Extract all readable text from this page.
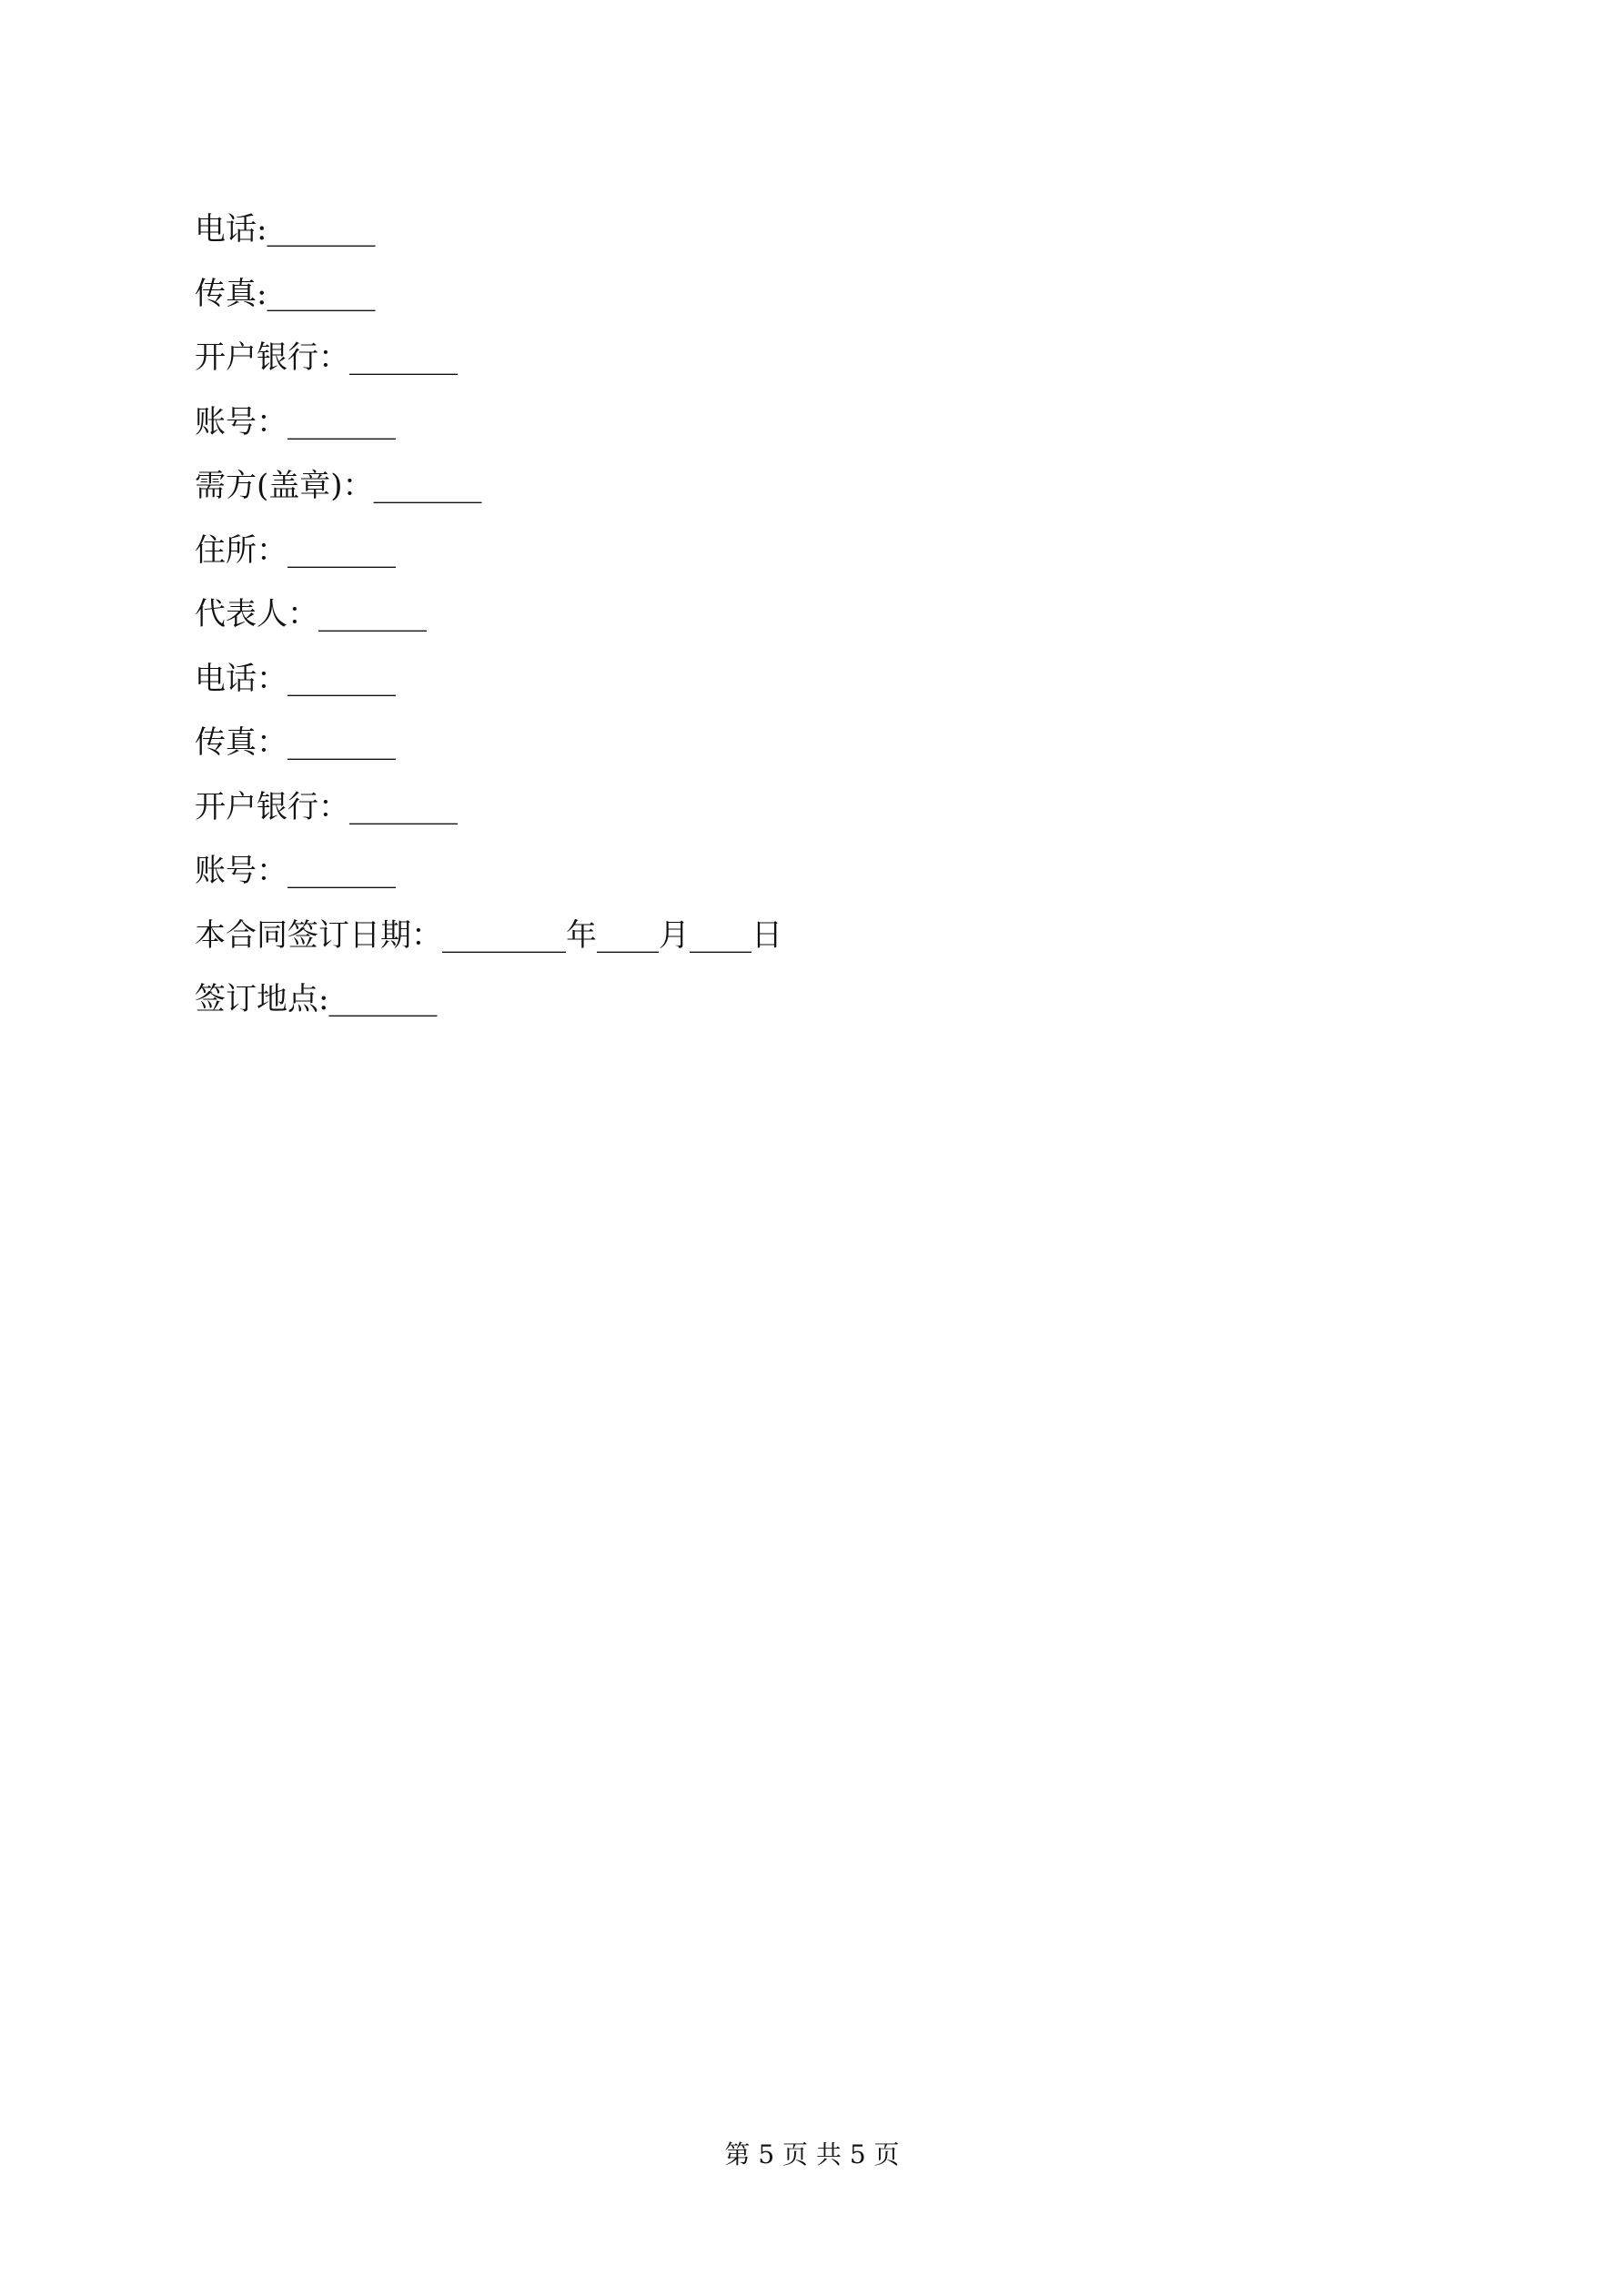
电话:_______
传真:_______
开户银行：_______
账号：_______
需方(盖章)：_______
住所：_______
代表人：_______
电话：_______
传真：_______
开户银行：_______
账号：_______
本合同签订日期：________年____月____日
签订地点:_______
第 5 页 共 5 页
